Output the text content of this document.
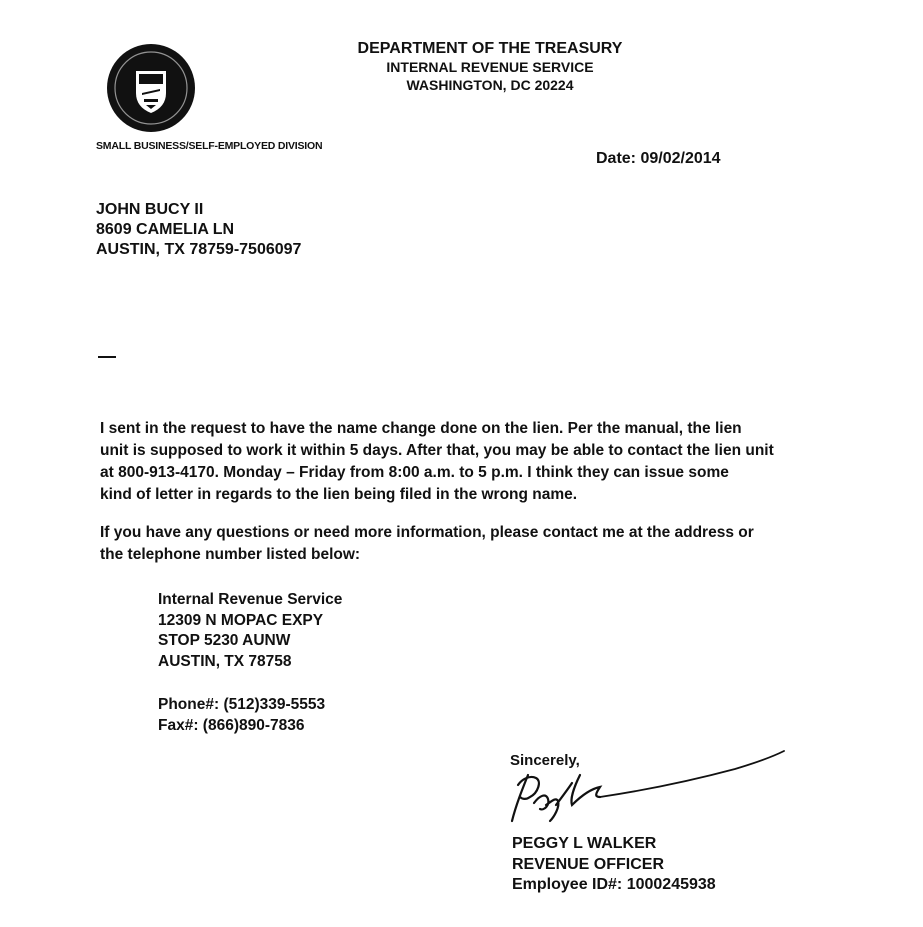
DEPARTMENT OF THE TREASURY
INTERNAL REVENUE SERVICE
WASHINGTON, DC 20224
SMALL BUSINESS/SELF-EMPLOYED DIVISION
Date: 09/02/2014
JOHN BUCY II
8609 CAMELIA LN
AUSTIN, TX 78759-7506097
I sent in the request to have the name change done on the lien. Per the manual, the lien
unit is supposed to work it within 5 days. After that, you may be able to contact the lien unit
at 800-913-4170. Monday – Friday from 8:00 a.m. to 5 p.m. I think they can issue some
kind of letter in regards to the lien being filed in the wrong name.
If you have any questions or need more information, please contact me at the address or
the telephone number listed below:
Internal Revenue Service
12309 N MOPAC EXPY
STOP 5230 AUNW
AUSTIN, TX 78758
Phone#: (512)339-5553
Fax#: (866)890-7836
Sincerely,
PEGGY L WALKER
REVENUE OFFICER
Employee ID#: 1000245938
